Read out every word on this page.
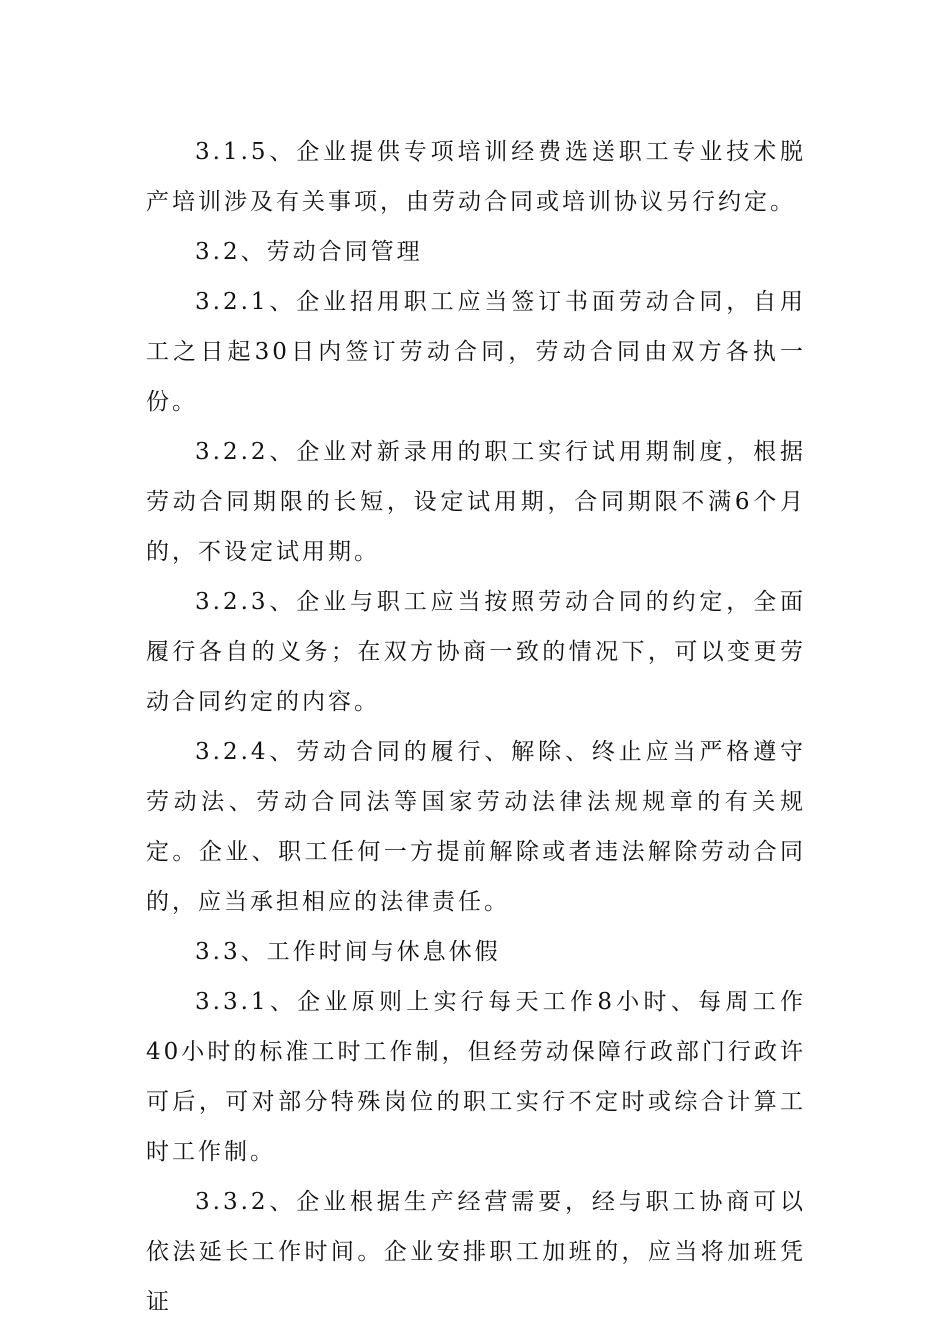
3.1.5、企业提供专项培训经费选送职工专业技术脱产培训涉及有关事项，由劳动合同或培训协议另行约定。

3.2、劳动合同管理

3.2.1、企业招用职工应当签订书面劳动合同，自用工之日起30日内签订劳动合同，劳动合同由双方各执一份。

3.2.2、企业对新录用的职工实行试用期制度，根据劳动合同期限的长短，设定试用期，合同期限不满6个月的，不设定试用期。

3.2.3、企业与职工应当按照劳动合同的约定，全面履行各自的义务；在双方协商一致的情况下，可以变更劳动合同约定的内容。

3.2.4、劳动合同的履行、解除、终止应当严格遵守劳动法、劳动合同法等国家劳动法律法规规章的有关规定。企业、职工任何一方提前解除或者违法解除劳动合同的，应当承担相应的法律责任。

3.3、工作时间与休息休假

3.3.1、企业原则上实行每天工作8小时、每周工作40小时的标准工时工作制，但经劳动保障行政部门行政许可后，可对部分特殊岗位的职工实行不定时或综合计算工时工作制。

3.3.2、企业根据生产经营需要，经与职工协商可以依法延长工作时间。企业安排职工加班的，应当将加班凭证
